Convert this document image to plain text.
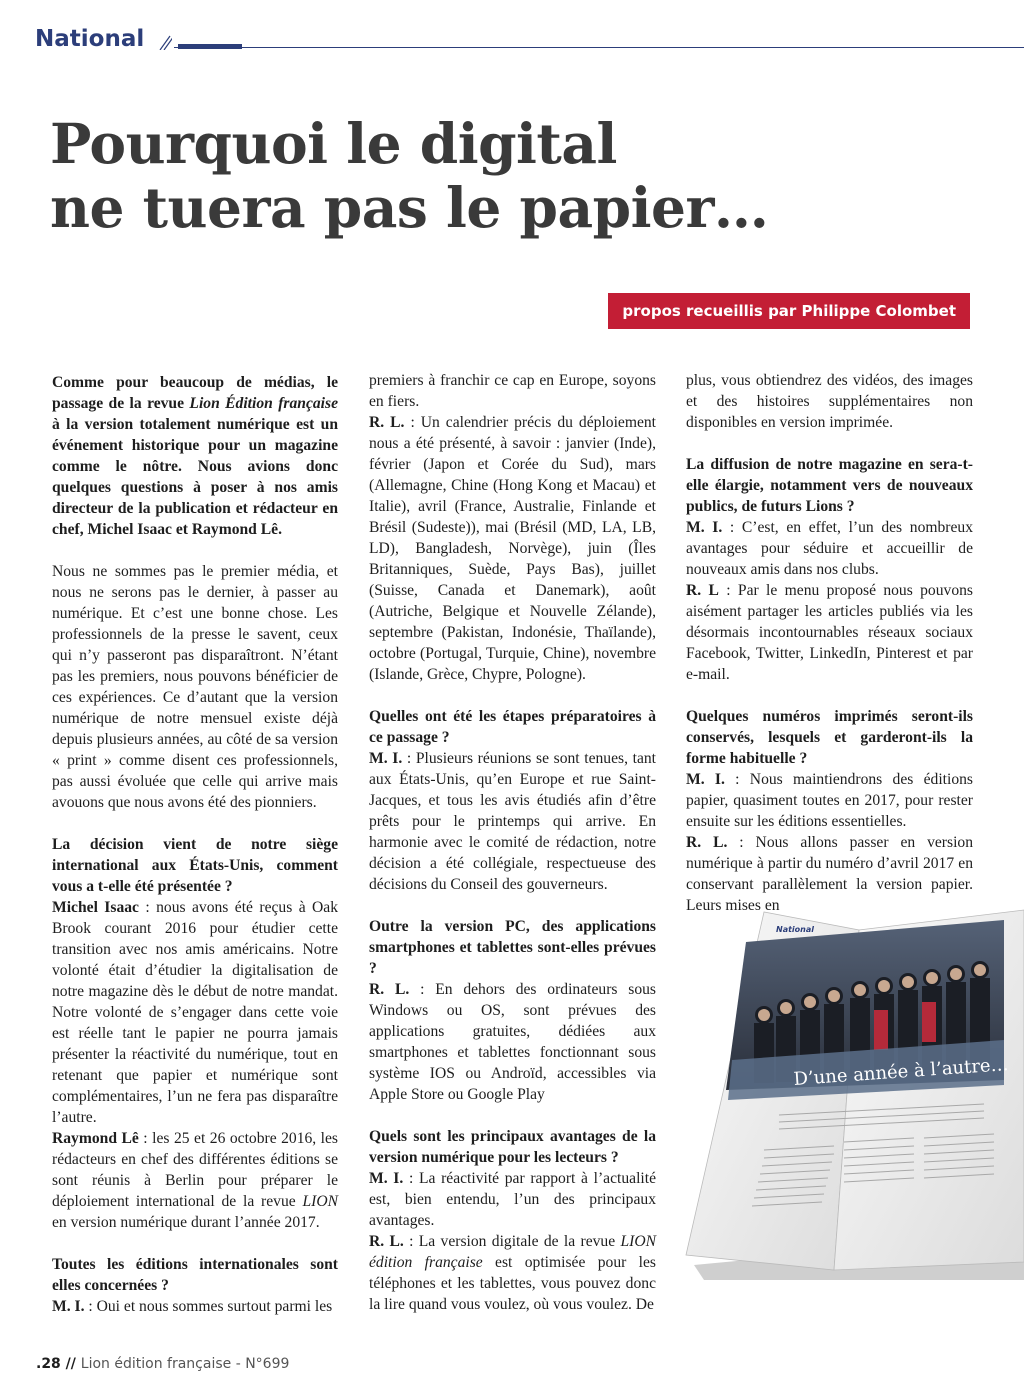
National
Pourquoi le digital
ne tuera pas le papier…
propos recueillis par Philippe Colombet

Comme pour beaucoup de médias, le passage de la revue Lion Édition française à la version totalement numérique est un événement historique pour un magazine comme le nôtre. Nous avions donc quelques questions à poser à nos amis directeur de la publication et rédacteur en chef, Michel Isaac et Raymond Lê.

Nous ne sommes pas le premier média, et nous ne serons pas le dernier, à passer au numérique. Et c’est une bonne chose. Les professionnels de la presse le savent, ceux qui n’y passeront pas disparaîtront. N’étant pas les premiers, nous pouvons bénéficier de ces expériences. Ce d’autant que la version numérique de notre mensuel existe déjà depuis plusieurs années, au côté de sa version « print » comme disent ces professionnels, pas aussi évoluée que celle qui arrive mais avouons que nous avons été des pionniers.

La décision vient de notre siège international aux États-Unis, comment vous a t-elle été présentée ?

Michel Isaac : nous avons été reçus à Oak Brook courant 2016 pour étudier cette transition avec nos amis américains. Notre volonté était d’étudier la digitalisation de notre magazine dès le début de notre mandat. Notre volonté de s’engager dans cette voie est réelle tant le papier ne pourra jamais présenter la réactivité du numérique, tout en retenant que papier et numérique sont complémentaires, l’un ne fera pas disparaître l’autre.

Raymond Lê : les 25 et 26 octobre 2016, les rédacteurs en chef des différentes éditions se sont réunis à Berlin pour préparer le déploiement international de la revue LION en version numérique durant l’année 2017.

Toutes les éditions internationales sont elles concernées ?

M. I. : Oui et nous sommes surtout parmi les

premiers à franchir ce cap en Europe, soyons en fiers.

R. L. : Un calendrier précis du déploiement nous a été présenté, à savoir : janvier (Inde), février (Japon et Corée du Sud), mars (Allemagne, Chine (Hong Kong et Macau) et Italie), avril (France, Australie, Finlande et Brésil (Sudeste)), mai (Brésil (MD, LA, LB, LD), Bangladesh, Norvège), juin (Îles Britanniques, Suède, Pays Bas), juillet (Suisse, Canada et Danemark), août (Autriche, Belgique et Nouvelle Zélande), septembre (Pakistan, Indonésie, Thaïlande), octobre (Portugal, Turquie, Chine), novembre (Islande, Grèce, Chypre, Pologne).

Quelles ont été les étapes préparatoires à ce passage ?

M. I. : Plusieurs réunions se sont tenues, tant aux États-Unis, qu’en Europe et rue Saint-Jacques, et tous les avis étudiés afin d’être prêts pour le printemps qui arrive. En harmonie avec le comité de rédaction, notre décision a été collégiale, respectueuse des décisions du Conseil des gouverneurs.

Outre la version PC, des applications smartphones et tablettes sont-elles prévues ?

R. L. : En dehors des ordinateurs sous Windows ou OS, sont prévues des applications gratuites, dédiées aux smartphones et tablettes fonctionnant sous système IOS ou Androïd, accessibles via Apple Store ou Google Play

Quels sont les principaux avantages de la version numérique pour les lecteurs ?

M. I. : La réactivité par rapport à l’actualité est, bien entendu, l’un des principaux avantages.

R. L. : La version digitale de la revue LION édition française est optimisée pour les téléphones et les tablettes, vous pouvez donc la lire quand vous voulez, où vous voulez. De

plus, vous obtiendrez des vidéos, des images et des histoires supplémentaires non disponibles en version imprimée.

La diffusion de notre magazine en sera-t-elle élargie, notamment vers de nouveaux publics, de futurs Lions ?

M. I. : C’est, en effet, l’un des nombreux avantages pour séduire et accueillir de nouveaux amis dans nos clubs.

R. L : Par le menu proposé nous pouvons aisément partager les articles publiés via les désormais incontournables réseaux sociaux Facebook, Twitter, LinkedIn, Pinterest et par e-mail.

Quelques numéros imprimés seront-ils conservés, lesquels et garderont-ils la forme habituelle ?

M. I. : Nous maintiendrons des éditions papier, quasiment toutes en 2017, pour rester ensuite sur les éditions essentielles.

R. L. : Nous allons passer en version numérique à partir du numéro d’avril 2017 en conservant parallèlement la version papier. Leurs mises en

National
D’une année à l’autre…
.28 // Lion édition française - N°699
